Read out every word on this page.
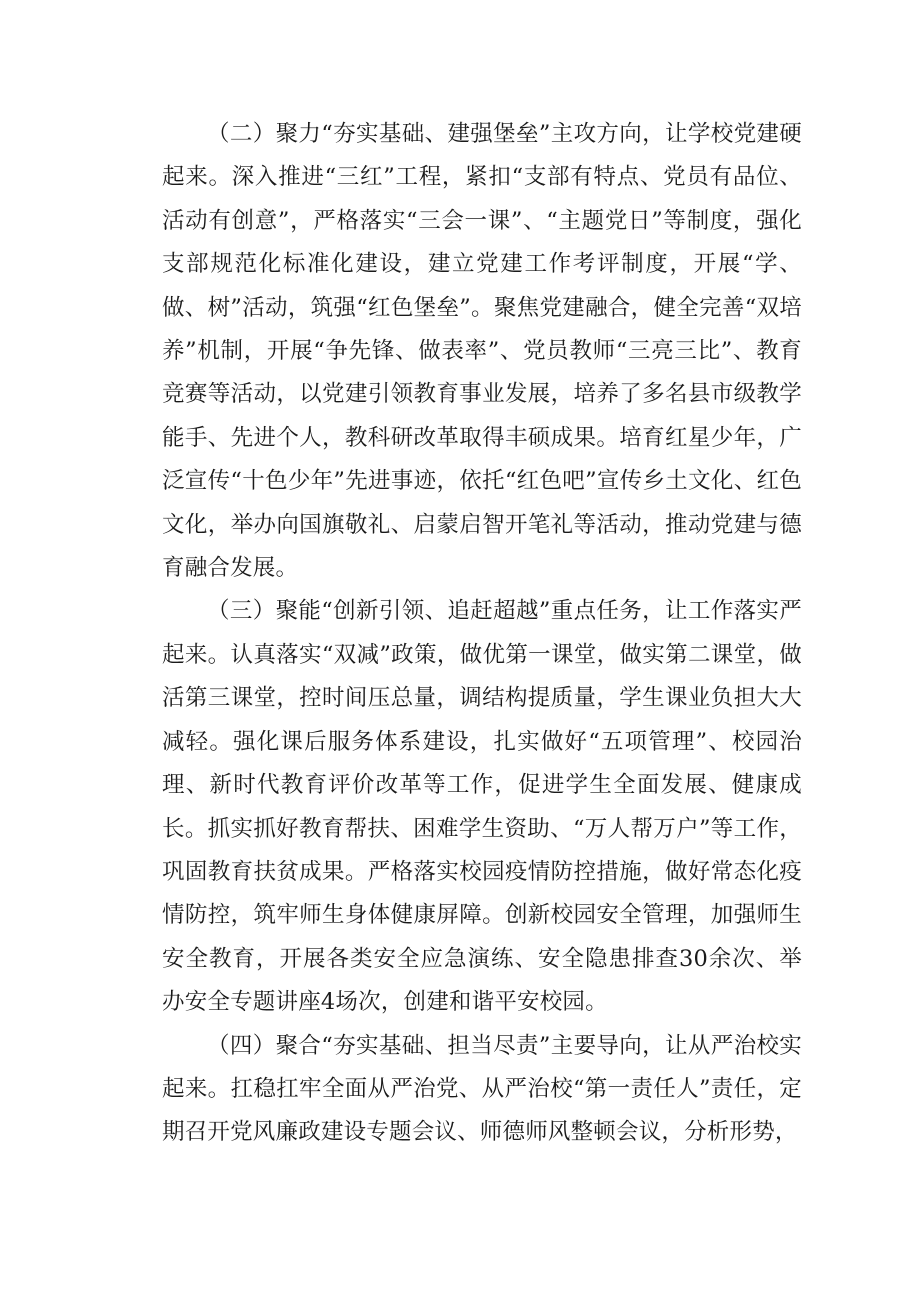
（二）聚力“夯实基础、建强堡垒”主攻方向，让学校党建硬起来。深入推进“三红”工程，紧扣“支部有特点、党员有品位、活动有创意”，严格落实“三会一课”、“主题党日”等制度，强化支部规范化标准化建设，建立党建工作考评制度，开展“学、做、树”活动，筑强“红色堡垒”。聚焦党建融合，健全完善“双培养”机制，开展“争先锋、做表率”、党员教师“三亮三比”、教育竞赛等活动，以党建引领教育事业发展，培养了多名县市级教学能手、先进个人，教科研改革取得丰硕成果。培育红星少年，广泛宣传“十色少年”先进事迹，依托“红色吧”宣传乡土文化、红色文化，举办向国旗敬礼、启蒙启智开笔礼等活动，推动党建与德育融合发展。

（三）聚能“创新引领、追赶超越”重点任务，让工作落实严起来。认真落实“双减”政策，做优第一课堂，做实第二课堂，做活第三课堂，控时间压总量，调结构提质量，学生课业负担大大减轻。强化课后服务体系建设，扎实做好“五项管理”、校园治理、新时代教育评价改革等工作，促进学生全面发展、健康成长。抓实抓好教育帮扶、困难学生资助、“万人帮万户”等工作，巩固教育扶贫成果。严格落实校园疫情防控措施，做好常态化疫情防控，筑牢师生身体健康屏障。创新校园安全管理，加强师生安全教育，开展各类安全应急演练、安全隐患排查30余次、举办安全专题讲座4场次，创建和谐平安校园。

（四）聚合“夯实基础、担当尽责”主要导向，让从严治校实起来。扛稳扛牢全面从严治党、从严治校“第一责任人”责任，定期召开党风廉政建设专题会议、师德师风整顿会议，分析形势，
